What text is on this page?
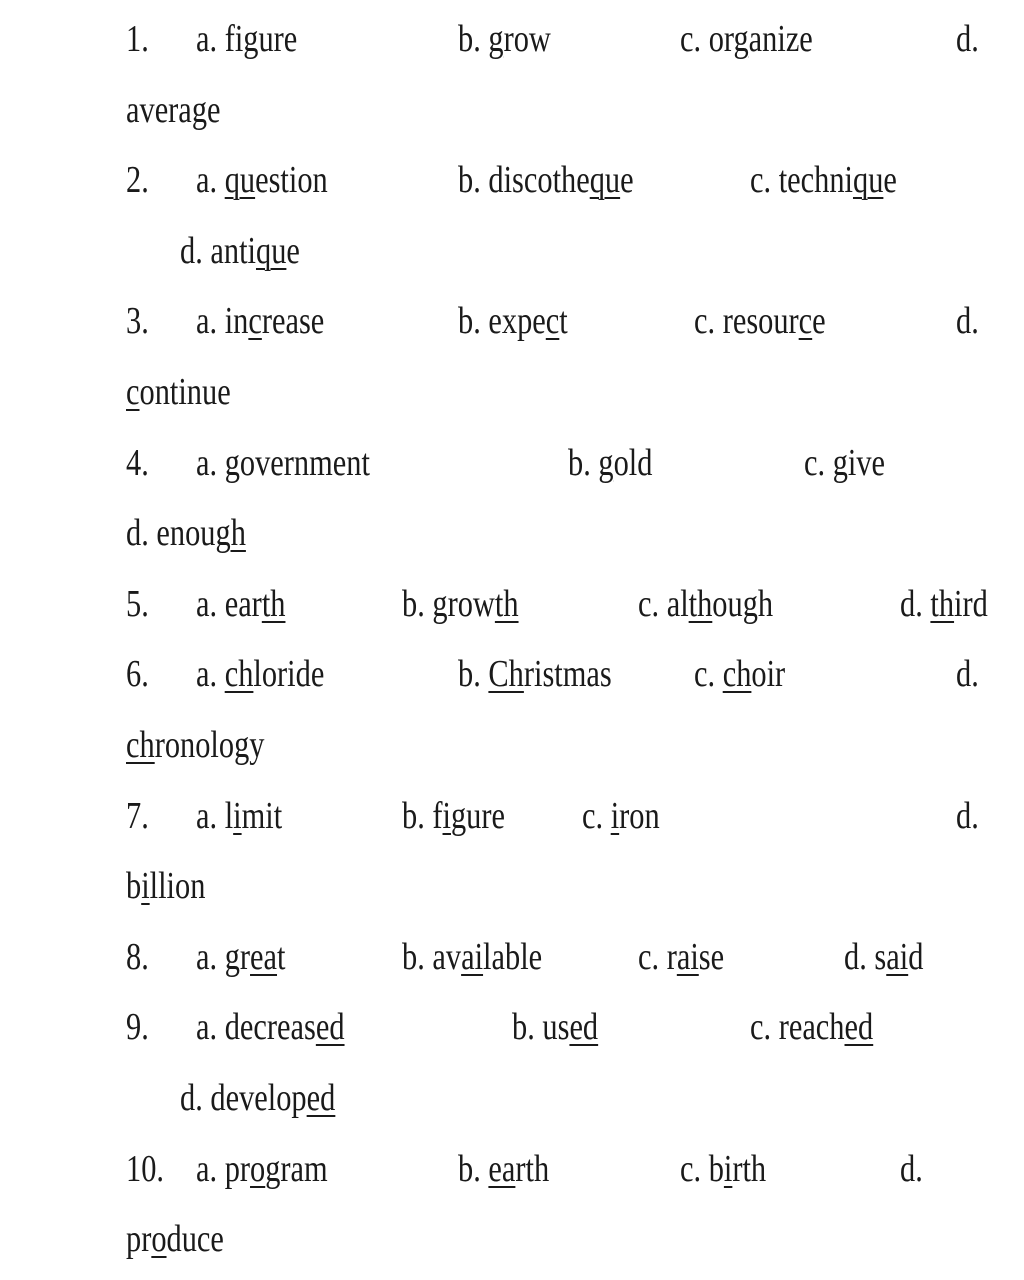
1. a. figure	b. grow	c. organize	d.
average
2. a. question	b. discotheque	c. technique
d. antique
3. a. increase	b. expect	c. resource	d.
continue
4. a. government	b. gold	c. give
d. enough
5. a. earth	b. growth	c. although	d. third
6. a. chloride	b. Christmas c. choir	d.
chronology
7. a. limit	b. figure c. iron	d.
billion
8. a. great	b. available	c. raise	d. said
9. a. decreased	b. used	c. reached
d. developed
10. a. program	b. earth	c. birth	d.
produce
